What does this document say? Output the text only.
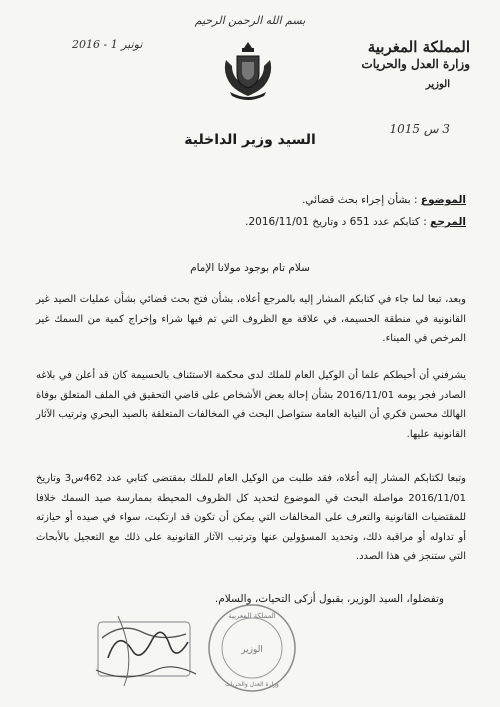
بسم الله الرحمن الرحيم
2016 - 1 نونبر	المملكة المغربية
وزارة العدل والحريات
الوزير
3 س 1015
السيد وزير الداخلية
الموضوع : بشأن إجراء بحث قضائي.
المرجع : كتابكم عدد 651 د وتاريخ 2016/11/01.
سلام تام بوجود مولانا الإمام
وبعد، تبعا لما جاء في كتابكم المشار إليه بالمرجع أعلاه، بشأن فتح بحث قضائي بشأن عمليات الصيد غير القانونية في منطقة الحسيمة، في علاقة مع الظروف التي تم فيها شراء وإخراج كمية من السمك غير المرخص في الميناء.
يشرفني أن أحيطكم علما أن الوكيل العام للملك لدى محكمة الاستئناف بالحسيمة كان قد أعلن في بلاغه الصادر فجر يومه 2016/11/01 بشأن إحالة بعض الأشخاص على قاضي التحقيق في الملف المتعلق بوفاة الهالك محسن فكري أن النيابة العامة ستواصل البحث في المخالفات المتعلقة بالصيد البحري وترتيب الآثار القانونية عليها.
وتبعا لكتابكم المشار إليه أعلاه، فقد طلبت من الوكيل العام للملك بمقتضى كتابي عدد 462س3 وتاريخ 2016/11/01 مواصلة البحث في الموضوع لتحديد كل الظروف المحيطة بممارسة صيد السمك خلافا للمقتضيات القانونية والتعرف على المخالفات التي يمكن أن تكون قد ارتكبت، سواء في صيده أو حيازته أو تداوله أو مراقبة ذلك، وتحديد المسؤولين عنها وترتيب الآثار القانونية على ذلك مع التعجيل بالأبحاث التي ستنجز في هذا الصدد.
وتفضلوا، السيد الوزير، بقبول أزكى التحيات، والسلام.
المملكة المغربية
الوزير
وزارة العدل والحريات
